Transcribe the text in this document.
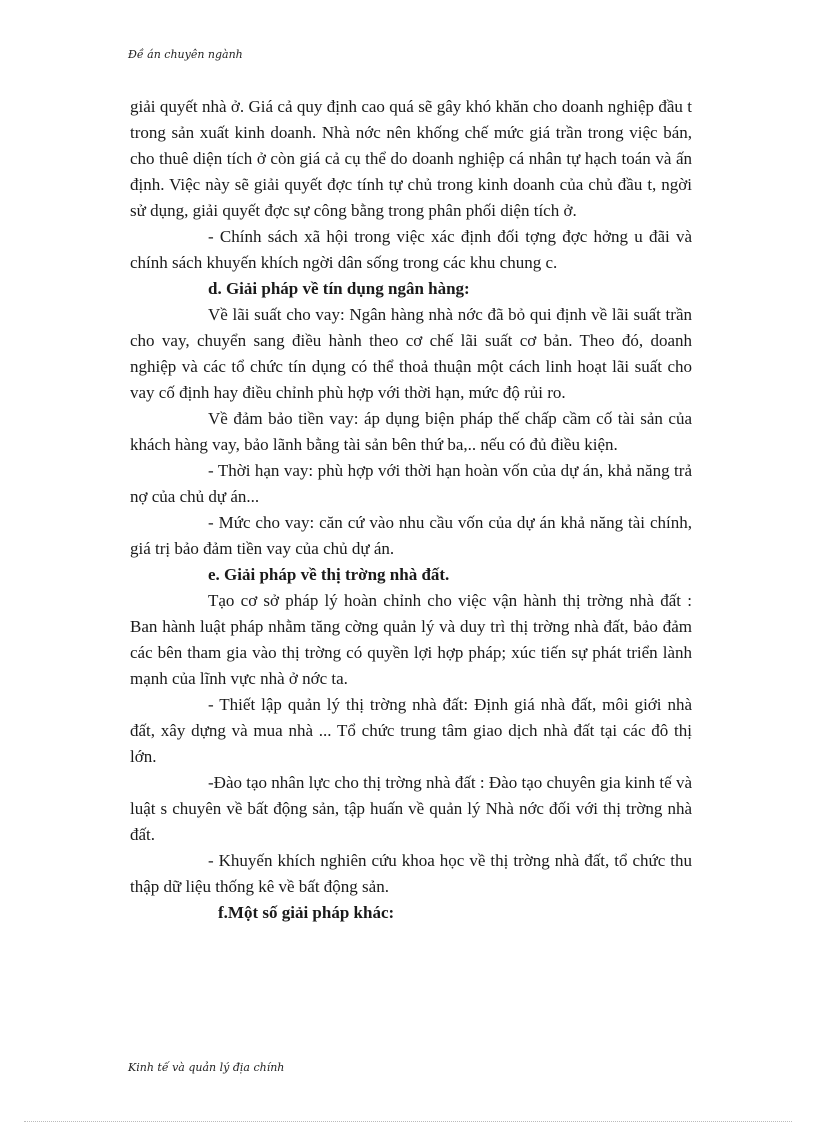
Đề án chuyên ngành

giải quyết nhà ở. Giá cả quy định cao quá sẽ gây khó khăn cho doanh nghiệp đầu t trong sản xuất kinh doanh. Nhà nớc nên khống chế mức giá trần trong việc bán, cho thuê diện tích ở còn giá cả cụ thể do doanh nghiệp cá nhân tự hạch toán và ấn định. Việc này sẽ giải quyết đợc tính tự chủ trong kinh doanh của chủ đầu t, ngời sử dụng, giải quyết đợc sự công bằng trong phân phối diện tích ở.

- Chính sách xã hội trong việc xác định đối tợng đợc hởng u đãi và chính sách khuyến khích ngời dân sống trong các khu chung c.

d. Giải pháp về tín dụng ngân hàng:

Về lãi suất cho vay: Ngân hàng nhà nớc đã bỏ qui định về lãi suất trần cho vay, chuyển sang điều hành theo cơ chế lãi suất cơ bản. Theo đó, doanh nghiệp và các tổ chức tín dụng có thể thoả thuận một cách linh hoạt lãi suất cho vay cố định hay điều chỉnh phù hợp với thời hạn, mức độ rủi ro.

Về đảm bảo tiền vay: áp dụng biện pháp thế chấp cầm cố tài sản của khách hàng vay, bảo lãnh bằng tài sản bên thứ ba,.. nếu có đủ điều kiện.

- Thời hạn vay: phù hợp với thời hạn hoàn vốn của dự án, khả năng trả nợ của chủ dự án...

- Mức cho vay: căn cứ vào nhu cầu vốn của dự án khả năng tài chính, giá trị bảo đảm tiền vay của chủ dự án.

e. Giải pháp về thị trờng nhà đất.

Tạo cơ sở pháp lý hoàn chỉnh cho việc vận hành thị trờng nhà đất : Ban hành luật pháp nhằm tăng cờng quản lý và duy trì thị trờng nhà đất, bảo đảm các bên tham gia vào thị trờng có quyền lợi hợp pháp; xúc tiến sự phát triển lành mạnh của lĩnh vực nhà ở nớc ta.

- Thiết lập quản lý thị trờng nhà đất: Định giá nhà đất, môi giới nhà đất, xây dựng và mua nhà ... Tổ chức trung tâm giao dịch nhà đất tại các đô thị lớn.

-Đào tạo nhân lực cho thị trờng nhà đất : Đào tạo chuyên gia kinh tế và luật s chuyên về bất động sản, tập huấn về quản lý Nhà nớc đối với thị trờng nhà đất.

- Khuyến khích nghiên cứu khoa học về thị trờng nhà đất, tổ chức thu thập dữ liệu thống kê về bất động sản.

f.Một số giải pháp khác:

Kinh tế và quản lý địa chính
